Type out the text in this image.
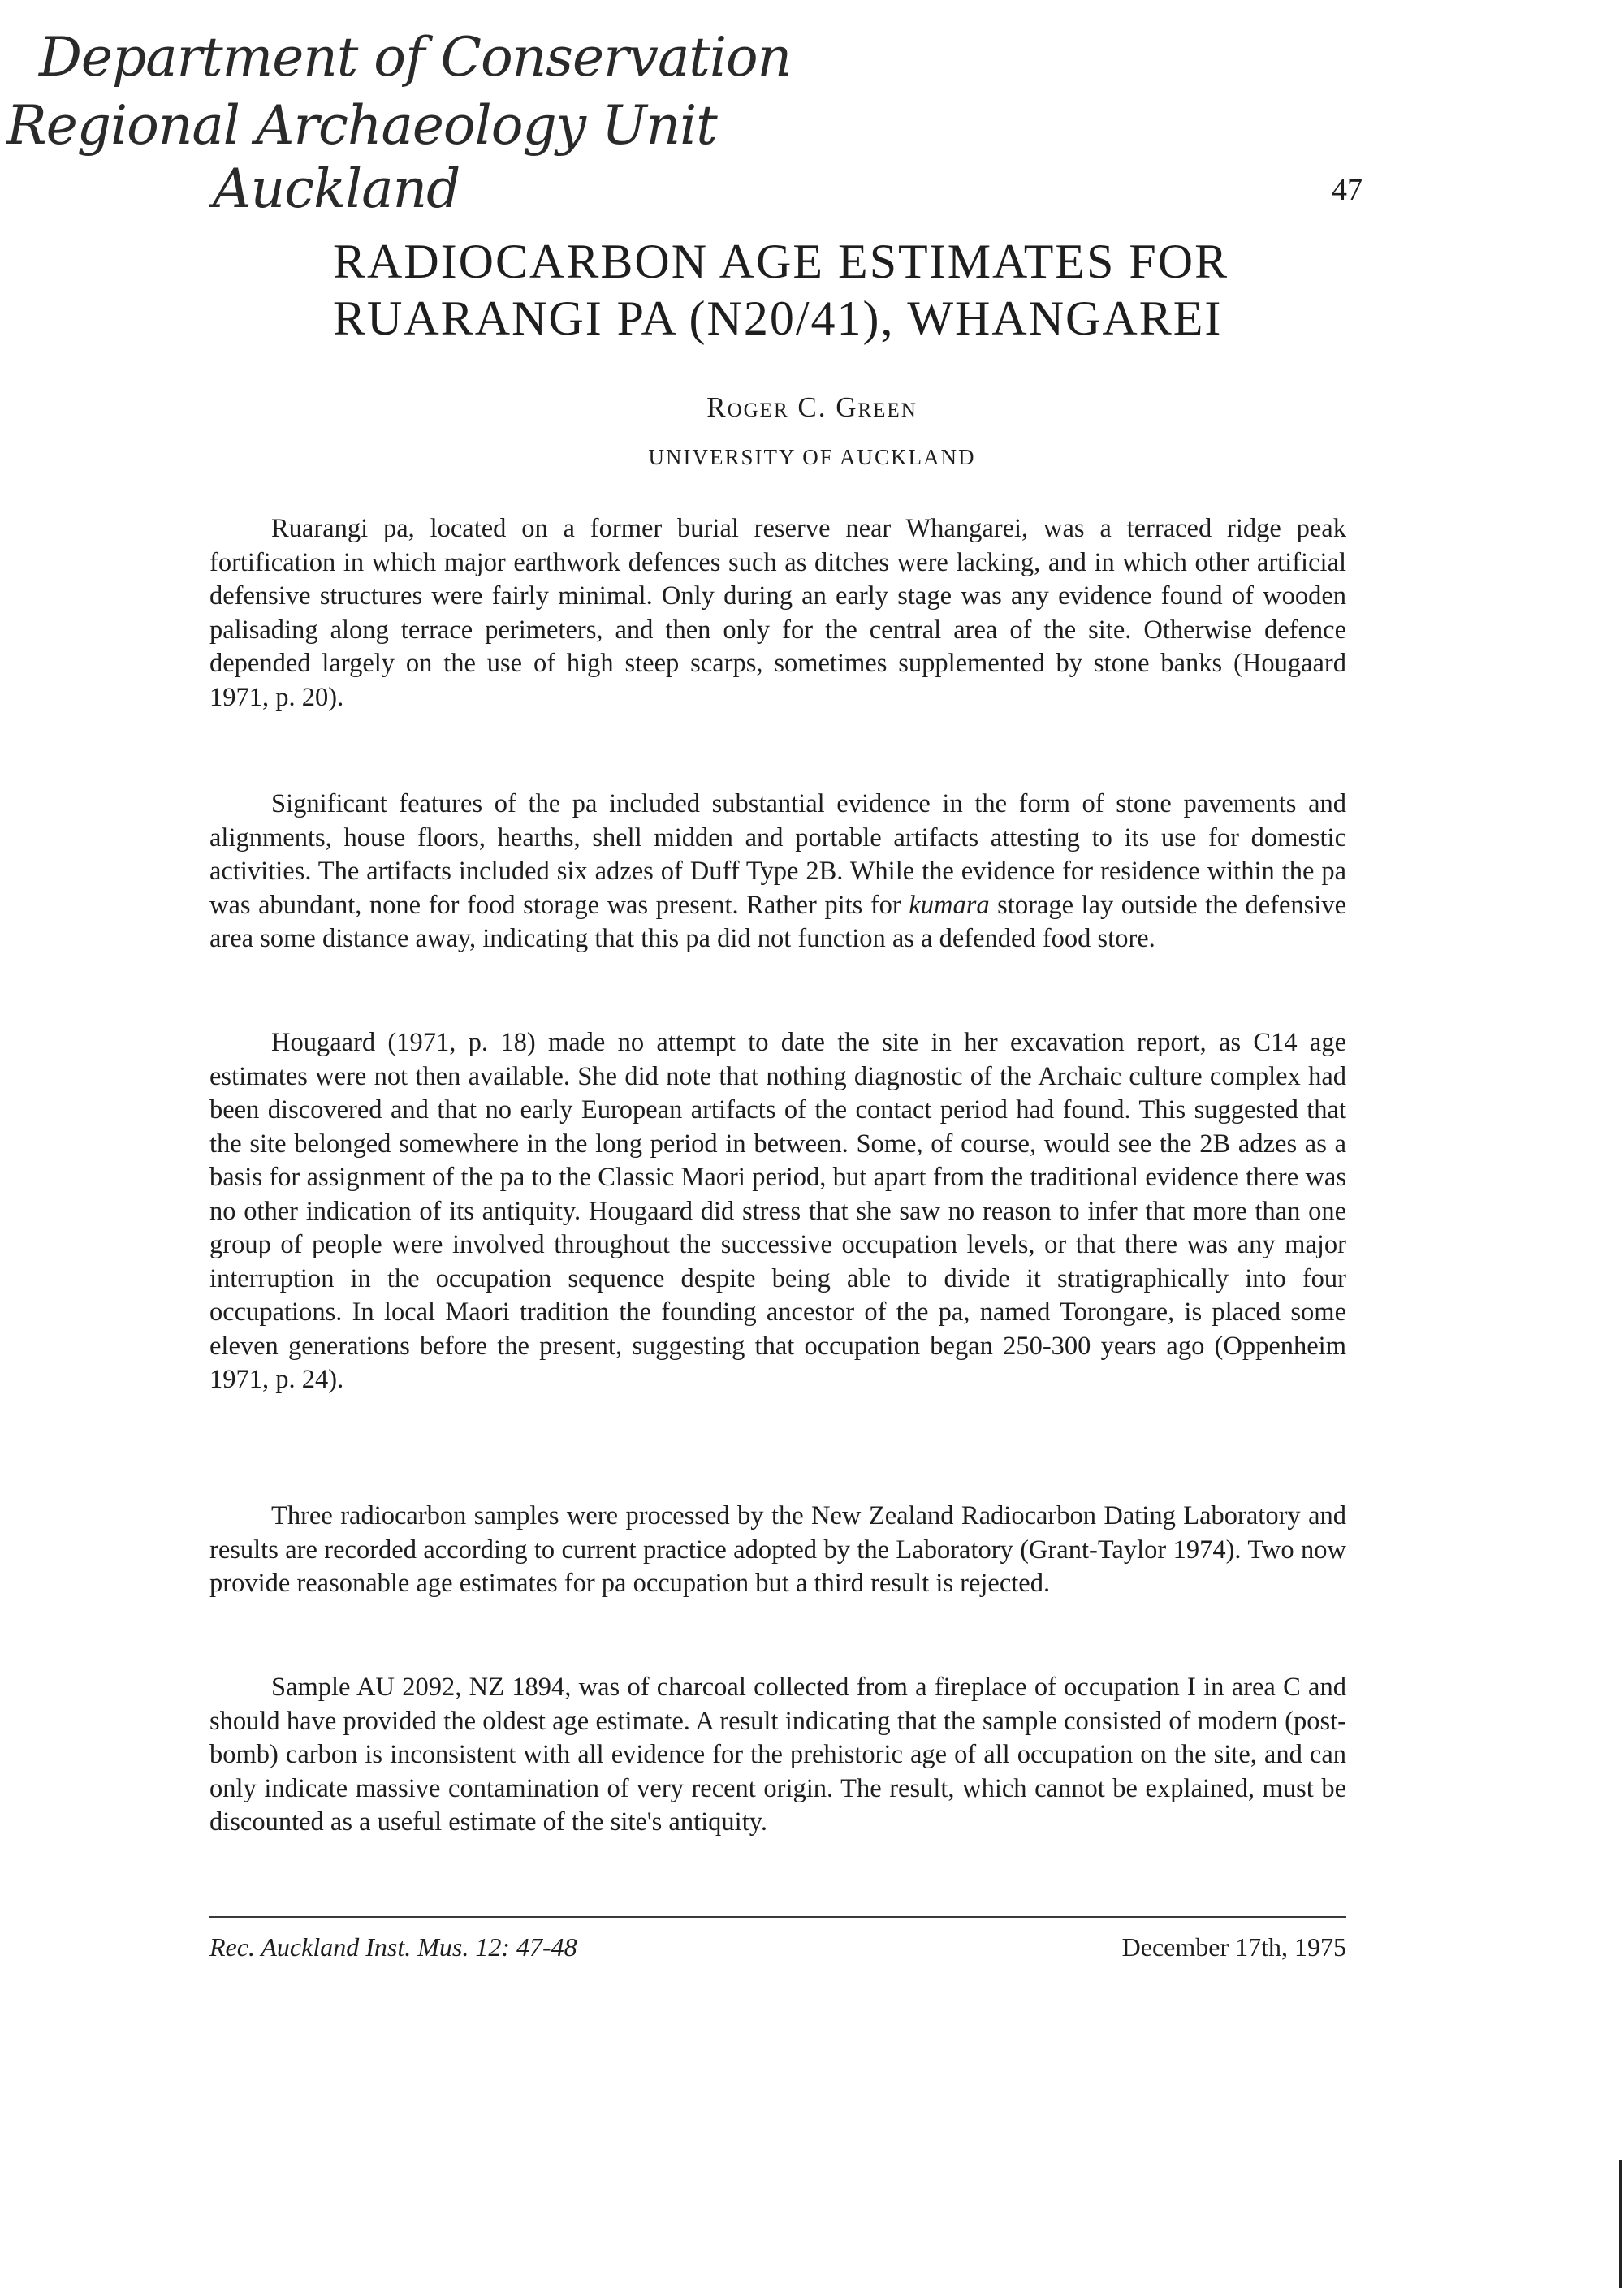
Department of Conservation
Regional Archaeology Unit
Auckland	47
RADIOCARBON AGE ESTIMATES FOR
RUARANGI PA (N20/41), WHANGAREI
Roger C. Green
UNIVERSITY OF AUCKLAND

Ruarangi pa, located on a former burial reserve near Whangarei, was a terraced ridge peak fortification in which major earthwork defences such as ditches were lacking, and in which other artificial defensive structures were fairly minimal. Only during an early stage was any evidence found of wooden palisading along terrace perimeters, and then only for the central area of the site. Otherwise defence depended largely on the use of high steep scarps, sometimes supplemented by stone banks (Hougaard 1971, p. 20).

Significant features of the pa included substantial evidence in the form of stone pavements and alignments, house floors, hearths, shell midden and portable artifacts attesting to its use for domestic activities. The artifacts included six adzes of Duff Type 2B. While the evidence for residence within the pa was abundant, none for food storage was present. Rather pits for kumara storage lay outside the defensive area some distance away, indicating that this pa did not function as a defended food store.

Hougaard (1971, p. 18) made no attempt to date the site in her excavation report, as C14 age estimates were not then available. She did note that nothing diagnostic of the Archaic culture complex had been discovered and that no early European artifacts of the contact period had found. This suggested that the site belonged somewhere in the long period in between. Some, of course, would see the 2B adzes as a basis for assignment of the pa to the Classic Maori period, but apart from the traditional evidence there was no other indication of its antiquity. Hougaard did stress that she saw no reason to infer that more than one group of people were involved throughout the successive occupation levels, or that there was any major interruption in the occupation sequence despite being able to divide it stratigraphically into four occupations. In local Maori tradition the founding ancestor of the pa, named Torongare, is placed some eleven generations before the present, suggesting that occupation began 250-300 years ago (Oppenheim 1971, p. 24).

Three radiocarbon samples were processed by the New Zealand Radiocarbon Dating Laboratory and results are recorded according to current practice adopted by the Laboratory (Grant-Taylor 1974). Two now provide reasonable age estimates for pa occupation but a third result is rejected.

Sample AU 2092, NZ 1894, was of charcoal collected from a fireplace of occupation I in area C and should have provided the oldest age estimate. A result indicating that the sample consisted of modern (post-bomb) carbon is inconsistent with all evidence for the prehistoric age of all occupation on the site, and can only indicate massive contamination of very recent origin. The result, which cannot be explained, must be discounted as a useful estimate of the site's antiquity.

Rec. Auckland Inst. Mus. 12: 47-48	December 17th, 1975
